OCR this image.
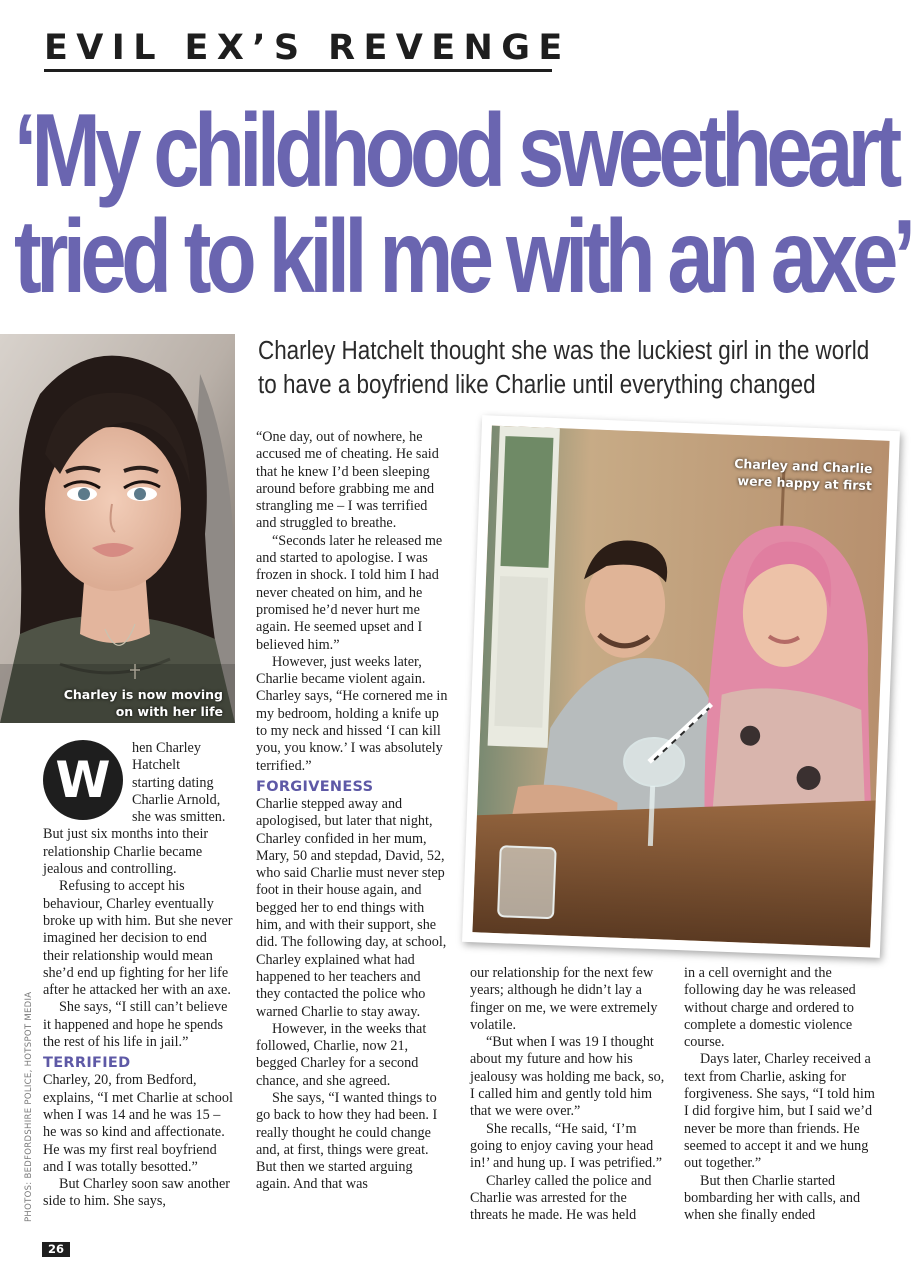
EVIL EX’S REVENGE
‘My childhood sweetheart
tried to kill me with an axe’
Charley Hatchelt thought she was the luckiest girl in the world
to have a boyfriend like Charlie until everything changed
Charley is now moving
on with her life
Charley and Charlie
were happy at first
W
hen Charley
Hatchelt
starting dating
Charlie Arnold,
she was smitten.

But just six months into their relationship Charlie became jealous and controlling.

Refusing to accept his behaviour, Charley eventually broke up with him. But she never imagined her decision to end their relationship would mean she’d end up fighting for her life after he attacked her with an axe.

She says, “I still can’t believe it happened and hope he spends the rest of his life in jail.”

TERRIFIED

Charley, 20, from Bedford, explains, “I met Charlie at school when I was 14 and he was 15 – he was so kind and affectionate. He was my first real boyfriend and I was totally besotted.”

But Charley soon saw another side to him. She says,

“One day, out of nowhere, he accused me of cheating. He said that he knew I’d been sleeping around before grabbing me and strangling me – I was terrified and struggled to breathe.

“Seconds later he released me and started to apologise. I was frozen in shock. I told him I had never cheated on him, and he promised he’d never hurt me again. He seemed upset and I believed him.”

However, just weeks later, Charlie became violent again. Charley says, “He cornered me in my bedroom, holding a knife up to my neck and hissed ‘I can kill you, you know.’ I was absolutely terrified.”

FORGIVENESS

Charlie stepped away and apologised, but later that night, Charley confided in her mum, Mary, 50 and stepdad, David, 52, who said Charlie must never step foot in their house again, and begged her to end things with him, and with their support, she did. The following day, at school, Charley explained what had happened to her teachers and they contacted the police who warned Charlie to stay away.

However, in the weeks that followed, Charlie, now 21, begged Charley for a second chance, and she agreed.

She says, “I wanted things to go back to how they had been. I really thought he could change and, at first, things were great. But then we started arguing again. And that was

our relationship for the next few years; although he didn’t lay a finger on me, we were extremely volatile.

“But when I was 19 I thought about my future and how his jealousy was holding me back, so, I called him and gently told him that we were over.”

She recalls, “He said, ‘I’m going to enjoy caving your head in!’ and hung up. I was petrified.”

Charley called the police and Charlie was arrested for the threats he made. He was held

in a cell overnight and the following day he was released without charge and ordered to complete a domestic violence course.

Days later, Charley received a text from Charlie, asking for forgiveness. She says, “I told him I did forgive him, but I said we’d never be more than friends. He seemed to accept it and we hung out together.”

But then Charlie started bombarding her with calls, and when she finally ended

PHOTOS: BEDFORDSHIRE POLICE, HOTSPOT MEDIA
26
